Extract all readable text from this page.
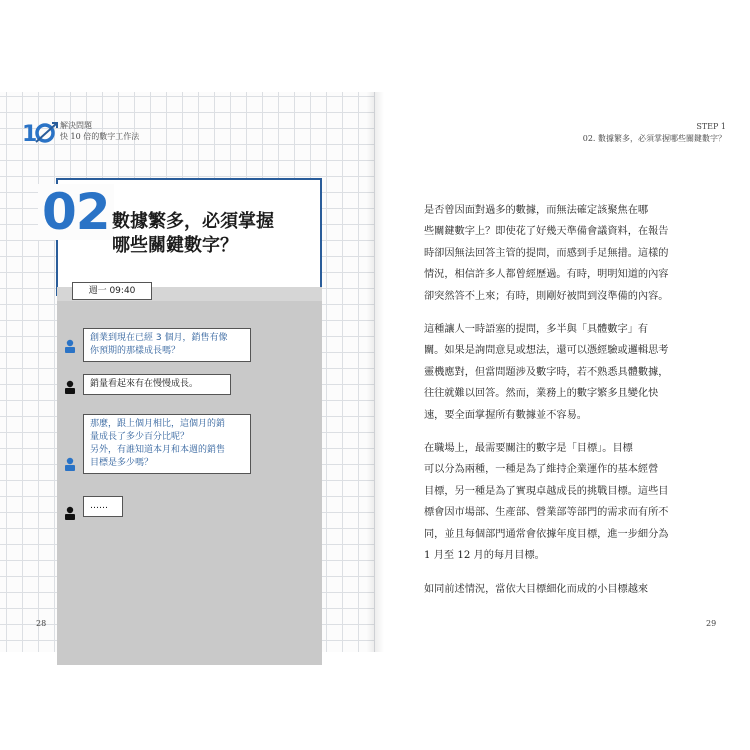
1	解決問題
快 10 倍的數字工作法
02 數據繁多，必須掌握
哪些關鍵數字？
週一 09:40
創業到現在已經 3 個月，銷售有像
你預期的那樣成長嗎？
銷量看起來有在慢慢成長。
那麼，跟上個月相比，這個月的銷
量成長了多少百分比呢？
另外，有誰知道本月和本週的銷售
目標是多少嗎？
……
28
STEP 1
02. 數據繁多，必須掌握哪些關鍵數字？
是否曾因面對過多的數據，而無法確定該聚焦在哪
些關鍵數字上？即使花了好幾天準備會議資料，在報告
時卻因無法回答主管的提問，而感到手足無措。這樣的
情況，相信許多人都曾經歷過。有時，明明知道的內容
卻突然答不上來；有時，則剛好被問到沒準備的內容。
這種讓人一時語塞的提問，多半與「具體數字」有
關。如果是詢問意見或想法，還可以憑經驗或邏輯思考
靈機應對，但當問題涉及數字時，若不熟悉具體數據，
往往就難以回答。然而，業務上的數字繁多且變化快
速，要全面掌握所有數據並不容易。
在職場上，最需要關注的數字是「目標」。目標
可以分為兩種，一種是為了維持企業運作的基本經營
目標，另一種是為了實現卓越成長的挑戰目標。這些目
標會因市場部、生產部、營業部等部門的需求而有所不
同，並且每個部門通常會依據年度目標，進一步細分為
1 月至 12 月的每月目標。
如同前述情況，當依大目標細化而成的小目標越來
29
